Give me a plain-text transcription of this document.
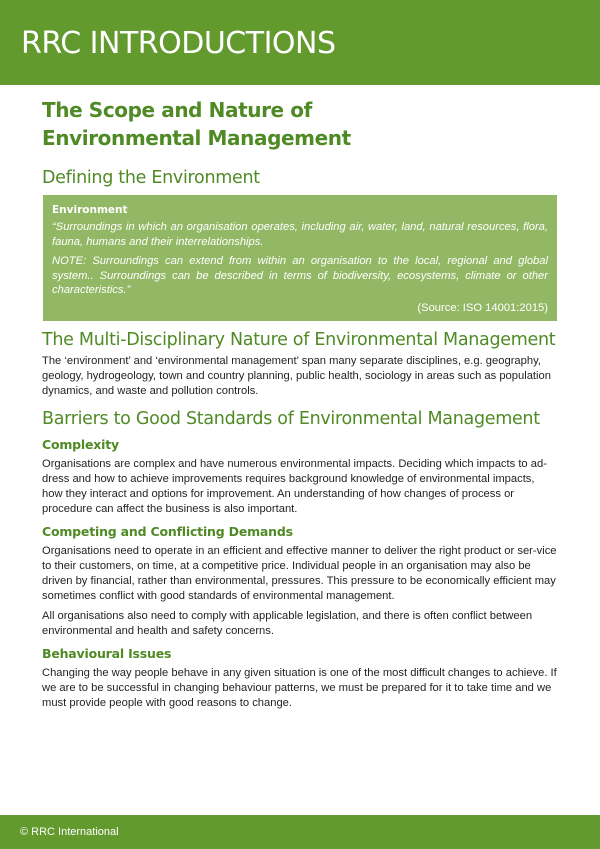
RRC INTRODUCTIONS
The Scope and Nature of Environmental Management
Defining the Environment
Environment

“Surroundings in which an organisation operates, including air, water, land, natural resources, flora, fauna, humans and their interrelationships.

NOTE: Surroundings can extend from within an organisation to the local, regional and global system.. Surroundings can be described in terms of biodiversity, ecosystems, climate or other characteristics.”

(Source: ISO 14001:2015)
The Multi-Disciplinary Nature of Environmental Management

The ‘environment’ and ‘environmental management’ span many separate disciplines, e.g. geography, geology, hydrogeology, town and country planning, public health, sociology in areas such as population dynamics, and waste and pollution controls.

Barriers to Good Standards of Environmental Management
Complexity

Organisations are complex and have numerous environmental impacts. Deciding which impacts to ad-dress and how to achieve improvements requires background knowledge of environmental impacts, how they interact and options for improvement. An understanding of how changes of process or procedure can affect the business is also important.

Competing and Conflicting Demands

Organisations need to operate in an efficient and effective manner to deliver the right product or ser-vice to their customers, on time, at a competitive price. Individual people in an organisation may also be driven by financial, rather than environmental, pressures. This pressure to be economically efficient may sometimes conflict with good standards of environmental management.

All organisations also need to comply with applicable legislation, and there is often conflict between environmental and health and safety concerns.

Behavioural Issues

Changing the way people behave in any given situation is one of the most difficult changes to achieve. If we are to be successful in changing behaviour patterns, we must be prepared for it to take time and we must provide people with good reasons to change.

© RRC International
